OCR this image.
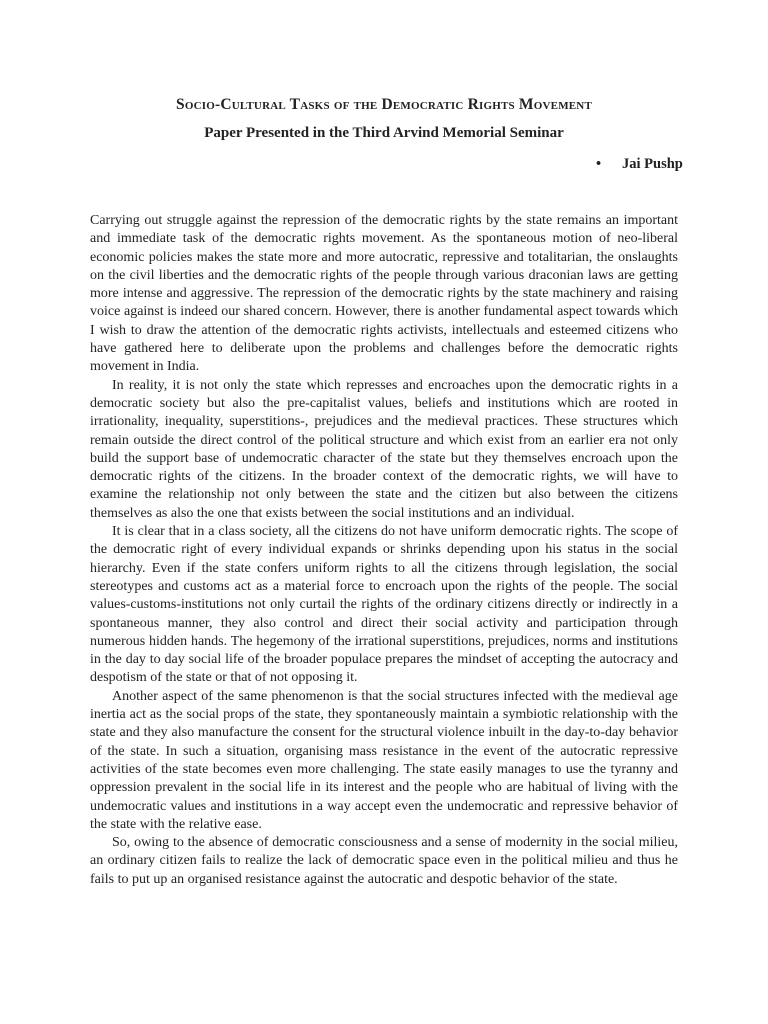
Socio-Cultural Tasks of the Democratic Rights Movement
Paper Presented in the Third Arvind Memorial Seminar
• Jai Pushp

Carrying out struggle against the repression of the democratic rights by the state remains an important and immediate task of the democratic rights movement. As the spontaneous motion of neo-liberal economic policies makes the state more and more autocratic, repressive and totalitarian, the onslaughts on the civil liberties and the democratic rights of the people through various draconian laws are getting more intense and aggressive. The repression of the democratic rights by the state machinery and raising voice against is indeed our shared concern. However, there is another fundamental aspect towards which I wish to draw the attention of the democratic rights activists, intellectuals and esteemed citizens who have gathered here to deliberate upon the problems and challenges before the democratic rights movement in India.

In reality, it is not only the state which represses and encroaches upon the democratic rights in a democratic society but also the pre-capitalist values, beliefs and institutions which are rooted in irrationality, inequality, superstitions-, prejudices and the medieval practices. These structures which remain outside the direct control of the political structure and which exist from an earlier era not only build the support base of undemocratic character of the state but they themselves encroach upon the democratic rights of the citizens. In the broader context of the democratic rights, we will have to examine the relationship not only between the state and the citizen but also between the citizens themselves as also the one that exists between the social institutions and an individual.

It is clear that in a class society, all the citizens do not have uniform democratic rights. The scope of the democratic right of every individual expands or shrinks depending upon his status in the social hierarchy. Even if the state confers uniform rights to all the citizens through legislation, the social stereotypes and customs act as a material force to encroach upon the rights of the people. The social values-customs-institutions not only curtail the rights of the ordinary citizens directly or indirectly in a spontaneous manner, they also control and direct their social activity and participation through numerous hidden hands. The hegemony of the irrational superstitions, prejudices, norms and institutions in the day to day social life of the broader populace prepares the mindset of accepting the autocracy and despotism of the state or that of not opposing it.

Another aspect of the same phenomenon is that the social structures infected with the medieval age inertia act as the social props of the state, they spontaneously maintain a symbiotic relationship with the state and they also manufacture the consent for the structural violence inbuilt in the day-to-day behavior of the state. In such a situation, organising mass resistance in the event of the autocratic repressive activities of the state becomes even more challenging. The state easily manages to use the tyranny and oppression prevalent in the social life in its interest and the people who are habitual of living with the undemocratic values and institutions in a way accept even the undemocratic and repressive behavior of the state with the relative ease.

So, owing to the absence of democratic consciousness and a sense of modernity in the social milieu, an ordinary citizen fails to realize the lack of democratic space even in the political milieu and thus he fails to put up an organised resistance against the autocratic and despotic behavior of the state.
